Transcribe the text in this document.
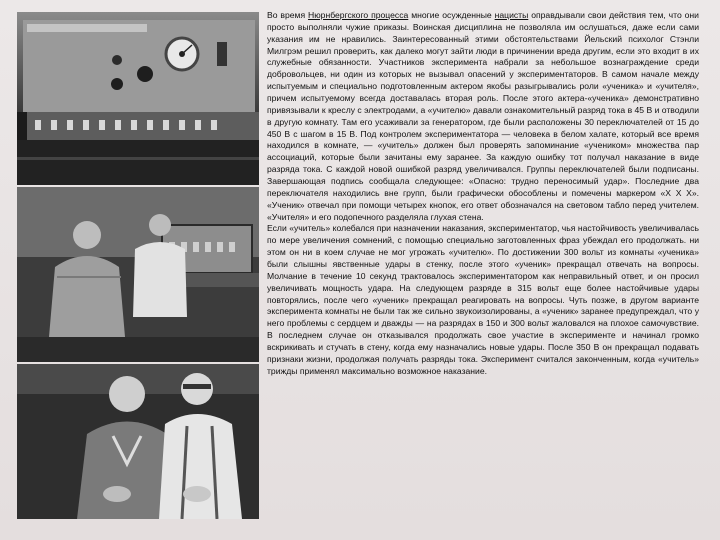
Во время Нюрнбергского процесса многие осужденные нацисты оправдывали свои действия тем, что они просто выполняли чужие приказы. Воинская дисциплина не позволяла им ослушаться, даже если сами указания им не нравились. Заинтересованный этими обстоятельствами Йельский психолог Стэнли Милгрэм решил проверить, как далеко могут зайти люди в причинении вреда другим, если это входит в их служебные обязанности. Участников эксперимента набрали за небольшое вознаграждение среди добровольцев, ни один из которых не вызывал опасений у экспериментаторов. В самом начале между испытуемым и специально подготовленным актером якобы разыгрывались роли «ученика» и «учителя», причем испытуемому всегда доставалась вторая роль. После этого актера-«ученика» демонстративно привязывали к креслу с электродами, а «учителю» давали ознакомительный разряд тока в 45 В и отводили в другую комнату. Там его усаживали за генератором, где были расположены 30 переключателей от 15 до 450 В с шагом в 15 В. Под контролем экспериментатора — человека в белом халате, который все время находился в комнате, — «учитель» должен был проверять запоминание «учеником» множества пар ассоциаций, которые были зачитаны ему заранее. За каждую ошибку тот получал наказание в виде разряда тока. С каждой новой ошибкой разряд увеличивался. Группы переключателей были подписаны. Завершающая подпись сообщала следующее: «Опасно: трудно переносимый удар». Последние два переключателя находились вне групп, были графически обособлены и помечены маркером «Х Х Х». «Ученик» отвечал при помощи четырех кнопок, его ответ обозначался на световом табло перед учителем. «Учителя» и его подопечного разделяла глухая стена.

Если «учитель» колебался при назначении наказания, экспериментатор, чья настойчивость увеличивалась по мере увеличения сомнений, с помощью специально заготовленных фраз убеждал его продолжать. ни этом он ни в коем случае не мог угрожать «учителю». По достижении 300 вольт из комнаты «ученика» были слышны явственные удары в стенку, после этого «ученик» прекращал отвечать на вопросы. Молчание в течение 10 секунд трактовалось экспериментатором как неправильный ответ, и он просил увеличивать мощность удара. На следующем разряде в 315 вольт еще более настойчивые удары повторялись, после чего «ученик» прекращал реагировать на вопросы. Чуть позже, в другом варианте эксперимента комнаты не были так же сильно звукоизолированы, а «ученик» заранее предупреждал, что у него проблемы с сердцем и дважды — на разрядах в 150 и 300 вольт жаловался на плохое самочувствие. В последнем случае он отказывался продолжать свое участие в эксперименте и начинал громко вскрикивать и стучать в стену, когда ему назначались новые удары. После 350 В он прекращал подавать признаки жизни, продолжая получать разряды тока. Эксперимент считался законченным, когда «учитель» трижды применял максимально возможное наказание.
